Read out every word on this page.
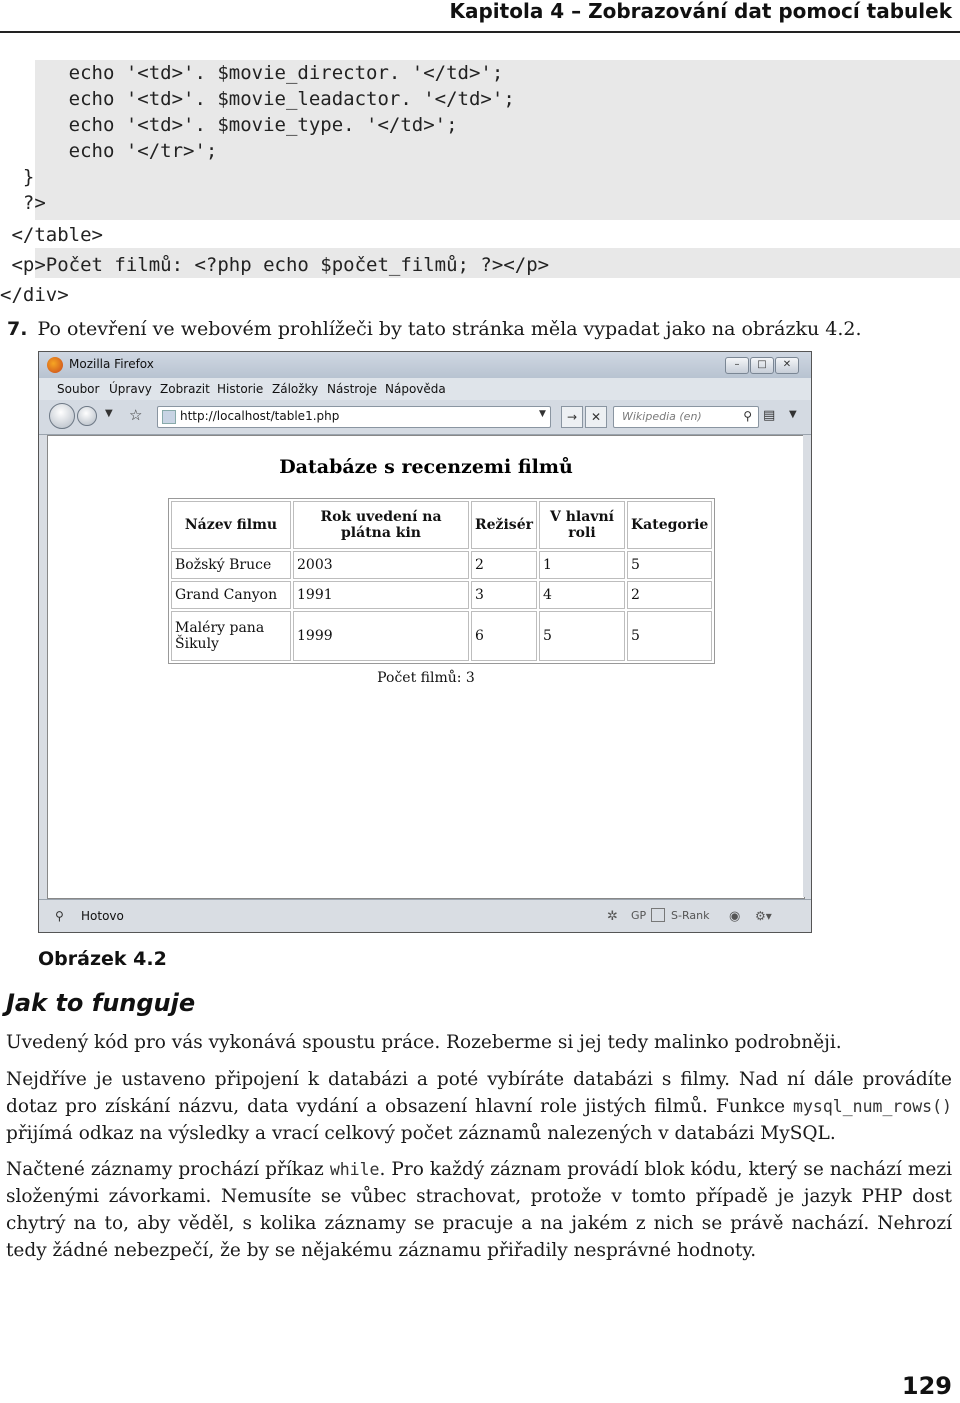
Kapitola 4 – Zobrazování dat pomocí tabulek
echo '<td>'. $movie_director. '</td>';
echo '<td>'. $movie_leadactor. '</td>';
echo '<td>'. $movie_type. '</td>';
echo '</tr>';
}
?>
</table>
<p>Počet filmů: <?php echo $počet_filmů; ?></p>
</div>
7. Po otevření ve webovém prohlížeči by tato stránka měla vypadat jako na obrázku 4.2.
Mozilla Firefox	–	□	✕
Soubor Úpravy Zobrazit Historie Záložky Nástroje Nápověda
▼ ☆	http://localhost/table1.php	▼	→	✕	Wikipedia (en)	⚲ ▤ ▼
Databáze s recenzemi filmů
Název filmu	Rok uvedení na plátna kin	Režisér	V hlavní roli	Kategorie
Božský Bruce	2003	2	1	5
Grand Canyon	1991	3	4	2
Maléry pana Šikuly	1999	6	5	5
Počet filmů: 3
⚲ Hotovo	✲ GP S-Rank ◉ ⚙▾
Obrázek 4.2
Jak to funguje
Uvedený kód pro vás vykonává spoustu práce. Rozeberme si jej tedy malinko podrobněji.
Nejdříve je ustaveno připojení k databázi a poté vybíráte databázi s filmy. Nad ní dále provádíte dotaz pro získání názvu, data vydání a obsazení hlavní role jistých filmů. Funkce mysql_num_rows() přijímá odkaz na výsledky a vrací celkový počet záznamů nalezených v databázi MySQL.
Načtené záznamy prochází příkaz while. Pro každý záznam provádí blok kódu, který se nachází mezi složenými závorkami. Nemusíte se vůbec strachovat, protože v tomto případě je jazyk PHP dost chytrý na to, aby věděl, s kolika záznamy se pracuje a na jakém z nich se právě nachází. Nehrozí tedy žádné nebezpečí, že by se nějakému záznamu přiřadily nesprávné hodnoty.
129
